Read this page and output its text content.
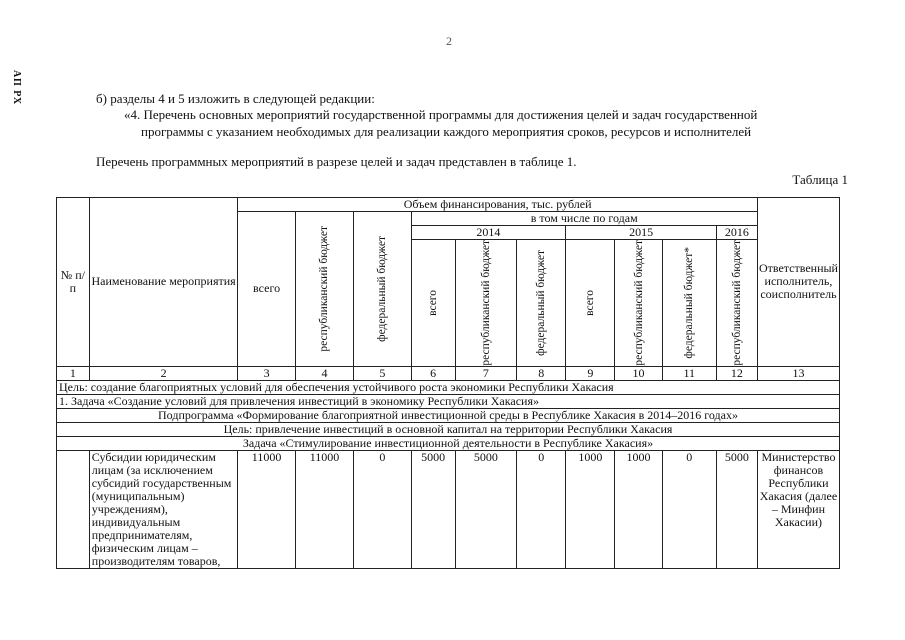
2
АП РХ	б) разделы 4 и 5 изложить в следующей редакции:
«4. Перечень основных мероприятий государственной программы для достижения целей и задач государственной
программы с указанием необходимых для реализации каждого мероприятия сроков, ресурсов и исполнителей
Перечень программных мероприятий в разрезе целей и задач представлен в таблице 1.
Таблица 1
№ п/п	Наименование мероприятия	Объем финансирования, тыс. рублей										Ответственный исполнитель, соисполнитель
		всего	республиканский бюджет	федеральный бюджет	в том числе по годам							
					2014			2015			2016	

					всего	республиканский бюджет	федеральный бюджет	всего	республиканский бюджет	федеральный бюджет*	республиканский бюджет	

1	2	3	4	5	6	7	8	9	10	11	12	13
Цель: создание благоприятных условий для обеспечения устойчивого роста экономики Республики Хакасия												
1. Задача «Создание условий для привлечения инвестиций в экономику Республики Хакасия»												
Подпрограмма «Формирование благоприятной инвестиционной среды в Республике Хакасия в 2014–2016 годах»												
Цель: привлечение инвестиций в основной капитал на территории Республики Хакасия												
Задача «Стимулирование инвестиционной деятельности в Республике Хакасия»												
	Субсидии юридическим лицам (за исключением субсидий государственным (муниципальным) учреждениям), индивидуальным предпринимателям, физическим лицам – производителям товаров,	11000	11000	0	5000	5000	0	1000	1000	0	5000	Министерство финансов Республики Хакасия (далее – Минфин Хакасии)
